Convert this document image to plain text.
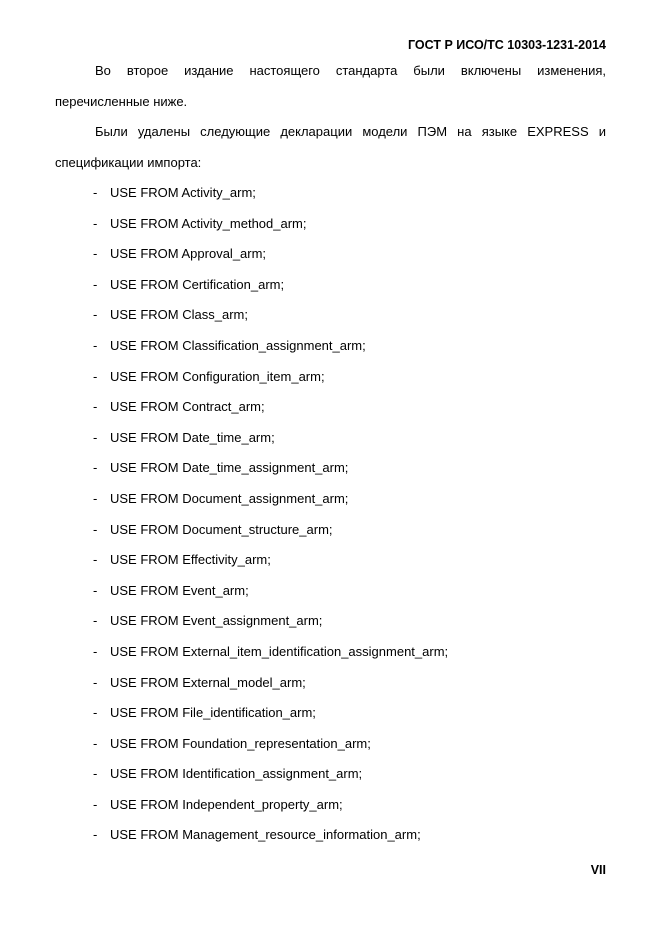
ГОСТ Р ИСО/ТС 10303-1231-2014

Во второе издание настоящего стандарта были включены изменения, перечисленные ниже.

Были удалены следующие декларации модели ПЭМ на языке EXPRESS и спецификации импорта:

- USE FROM Activity_arm;
- USE FROM Activity_method_arm;
- USE FROM Approval_arm;
- USE FROM Certification_arm;
- USE FROM Class_arm;
- USE FROM Classification_assignment_arm;
- USE FROM Configuration_item_arm;
- USE FROM Contract_arm;
- USE FROM Date_time_arm;
- USE FROM Date_time_assignment_arm;
- USE FROM Document_assignment_arm;
- USE FROM Document_structure_arm;
- USE FROM Effectivity_arm;
- USE FROM Event_arm;
- USE FROM Event_assignment_arm;
- USE FROM External_item_identification_assignment_arm;
- USE FROM External_model_arm;
- USE FROM File_identification_arm;
- USE FROM Foundation_representation_arm;
- USE FROM Identification_assignment_arm;
- USE FROM Independent_property_arm;
- USE FROM Management_resource_information_arm;
VII
